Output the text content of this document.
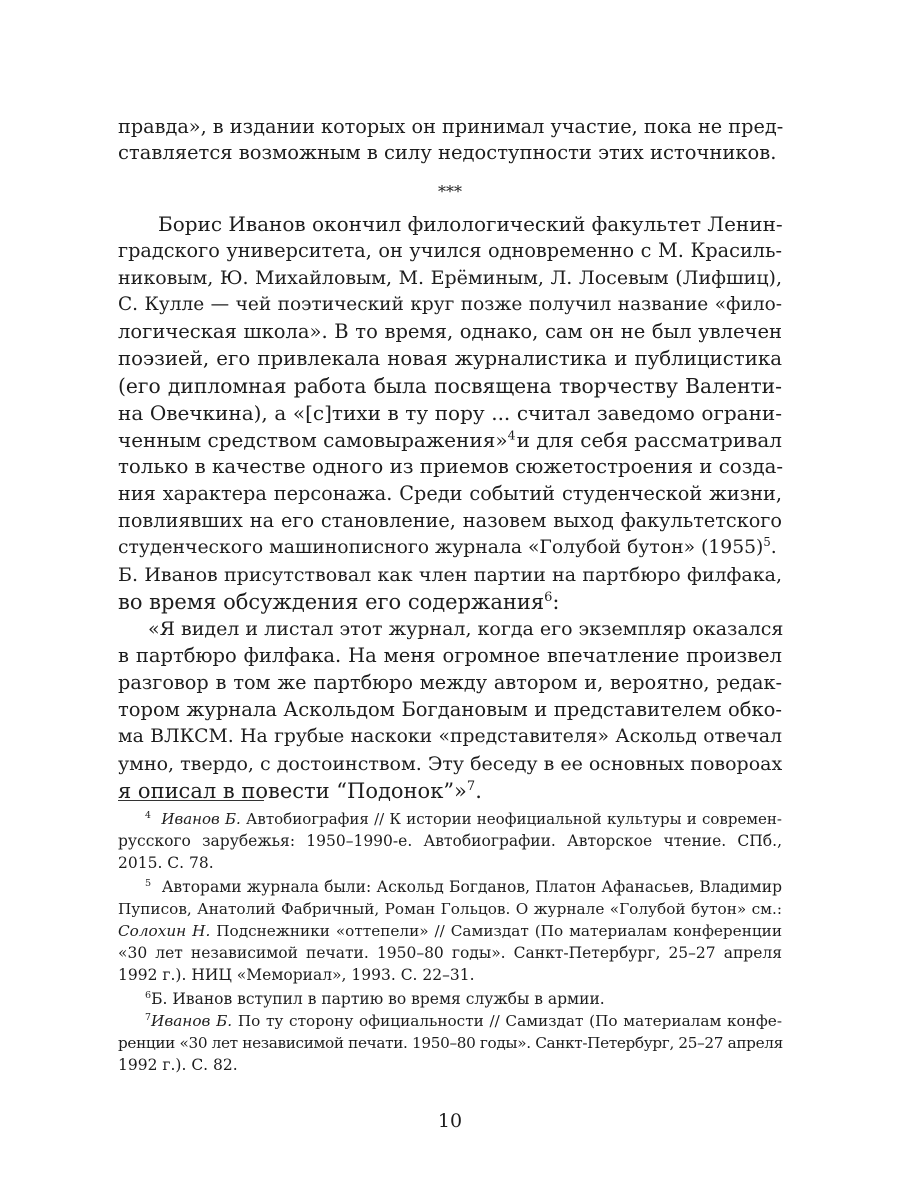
правда», в издании которых он принимал участие, пока не пред-
ставляется возможным в силу недоступности этих источников.
***
Борис Иванов окончил филологический факультет Ленин-
градского университета, он учился одновременно с М. Красиль-
никовым, Ю. Михайловым, М. Ерёминым, Л. Лосевым (Лифшиц),
С. Кулле — чей поэтический круг позже получил название «фило-
логическая школа». В то время, однако, сам он не был увлечен
поэзией, его привлекала новая журналистика и публицистика
(его дипломная работа была посвящена творчеству Валенти-
на Овечкина), а «[с]тихи в ту пору ... считал заведомо ограни-
ченным средством самовыражения»$^4$ и для себя рассматривал
только в качестве одного из приемов сюжетостроения и созда-
ния характера персонажа. Среди событий студенческой жизни,
повлиявших на его становление, назовем выход факультетского
студенческого машинописного журнала «Голубой бутон» $(1955)^5$.
Б. Иванов присутствовал как член партии на партбюро филфака,
во время обсуждения его содержания$^6$:
«Я видел и листал этот журнал, когда его экземпляр оказался
в партбюро филфака. На меня огромное впечатление произвел
разговор в том же партбюро между автором и, вероятно, редак-
тором журнала Аскольдом Богдановым и представителем обко-
ма ВЛКСМ. На грубые наскоки «представителя» Аскольд отвечал
умно, твердо, с достоинством. Эту беседу в ее основных повороах
я описал в повести “Подонок”»$^7$.
$^4$ Иванов Б. Автобиография // К истории неофициальной культуры и современ-
русского зарубежья: 1950–1990-е. Автобиографии. Авторское чтение. СПб.,
2015. С. 78.
$^5$ Авторами журнала были: Аскольд Богданов, Платон Афанасьев, Владимир
Пуписов, Анатолий Фабричный, Роман Гольцов. О журнале «Голубой бутон» см.:
Солохин Н. Подснежники «оттепели» // Самиздат (По материалам конференции
«30 лет независимой печати. 1950–80 годы». Санкт-Петербург, 25–27 апреля
1992 г.). НИЦ «Мемориал», 1993. С. 22–31.
$^6$Б. Иванов вступил в партию во время службы в армии.
$^7$Иванов Б. По ту сторону официальности // Самиздат (По материалам конфе-
ренции «30 лет независимой печати. 1950–80 годы». Санкт-Петербург, 25–27 апреля
1992 г.). С. 82.
10
